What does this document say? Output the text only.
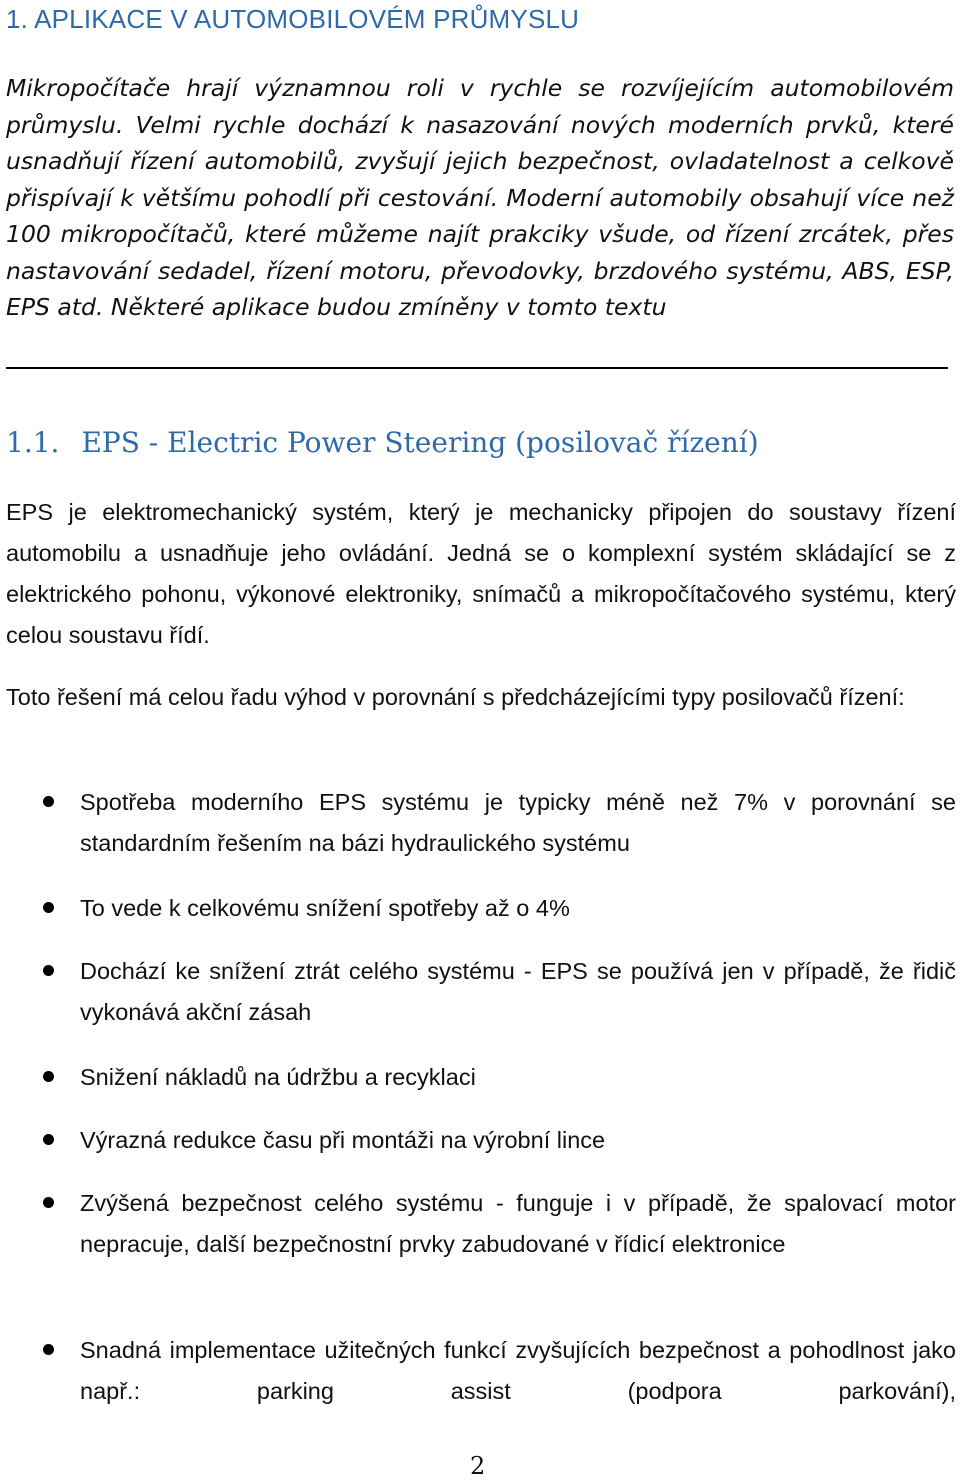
1. APLIKACE V AUTOMOBILOVÉM PRŮMYSLU

Mikropočítače hrají významnou roli v rychle se rozvíjejícím automobilovém průmyslu. Velmi rychle dochází k nasazování nových moderních prvků, které usnadňují řízení automobilů, zvyšují jejich bezpečnost, ovladatelnost a celkově přispívají k většímu pohodlí při cestování. Moderní automobily obsahují více než 100 mikropočítačů, které můžeme najít prakciky všude, od řízení zrcátek, přes nastavování sedadel, řízení motoru, převodovky, brzdového systému, ABS, ESP, EPS atd. Některé aplikace budou zmíněny v tomto textu

1.1. EPS - Electric Power Steering (posilovač řízení)

EPS je elektromechanický systém, který je mechanicky připojen do soustavy řízení automobilu a usnadňuje jeho ovládání. Jedná se o komplexní systém skládající se z elektrického pohonu, výkonové elektroniky, snímačů a mikropočítačového systému, který celou soustavu řídí.

Toto řešení má celou řadu výhod v porovnání s předcházejícími typy posilovačů řízení:

Spotřeba moderního EPS systému je typicky méně než 7% v porovnání se standardním řešením na bázi hydraulického systému

To vede k celkovému snížení spotřeby až o 4%

Dochází ke snížení ztrát celého systému - EPS se používá jen v případě, že řidič vykonává akční zásah

Snižení nákladů na údržbu a recyklaci

Výrazná redukce času při montáži na výrobní lince

Zvýšená bezpečnost celého systému - funguje i v případě, že spalovací motor nepracuje, další bezpečnostní prvky zabudované v řídicí elektronice

Snadná implementace užitečných funkcí zvyšujících bezpečnost a pohodlnost jako např.: parking assist (podpora parkování),

2
